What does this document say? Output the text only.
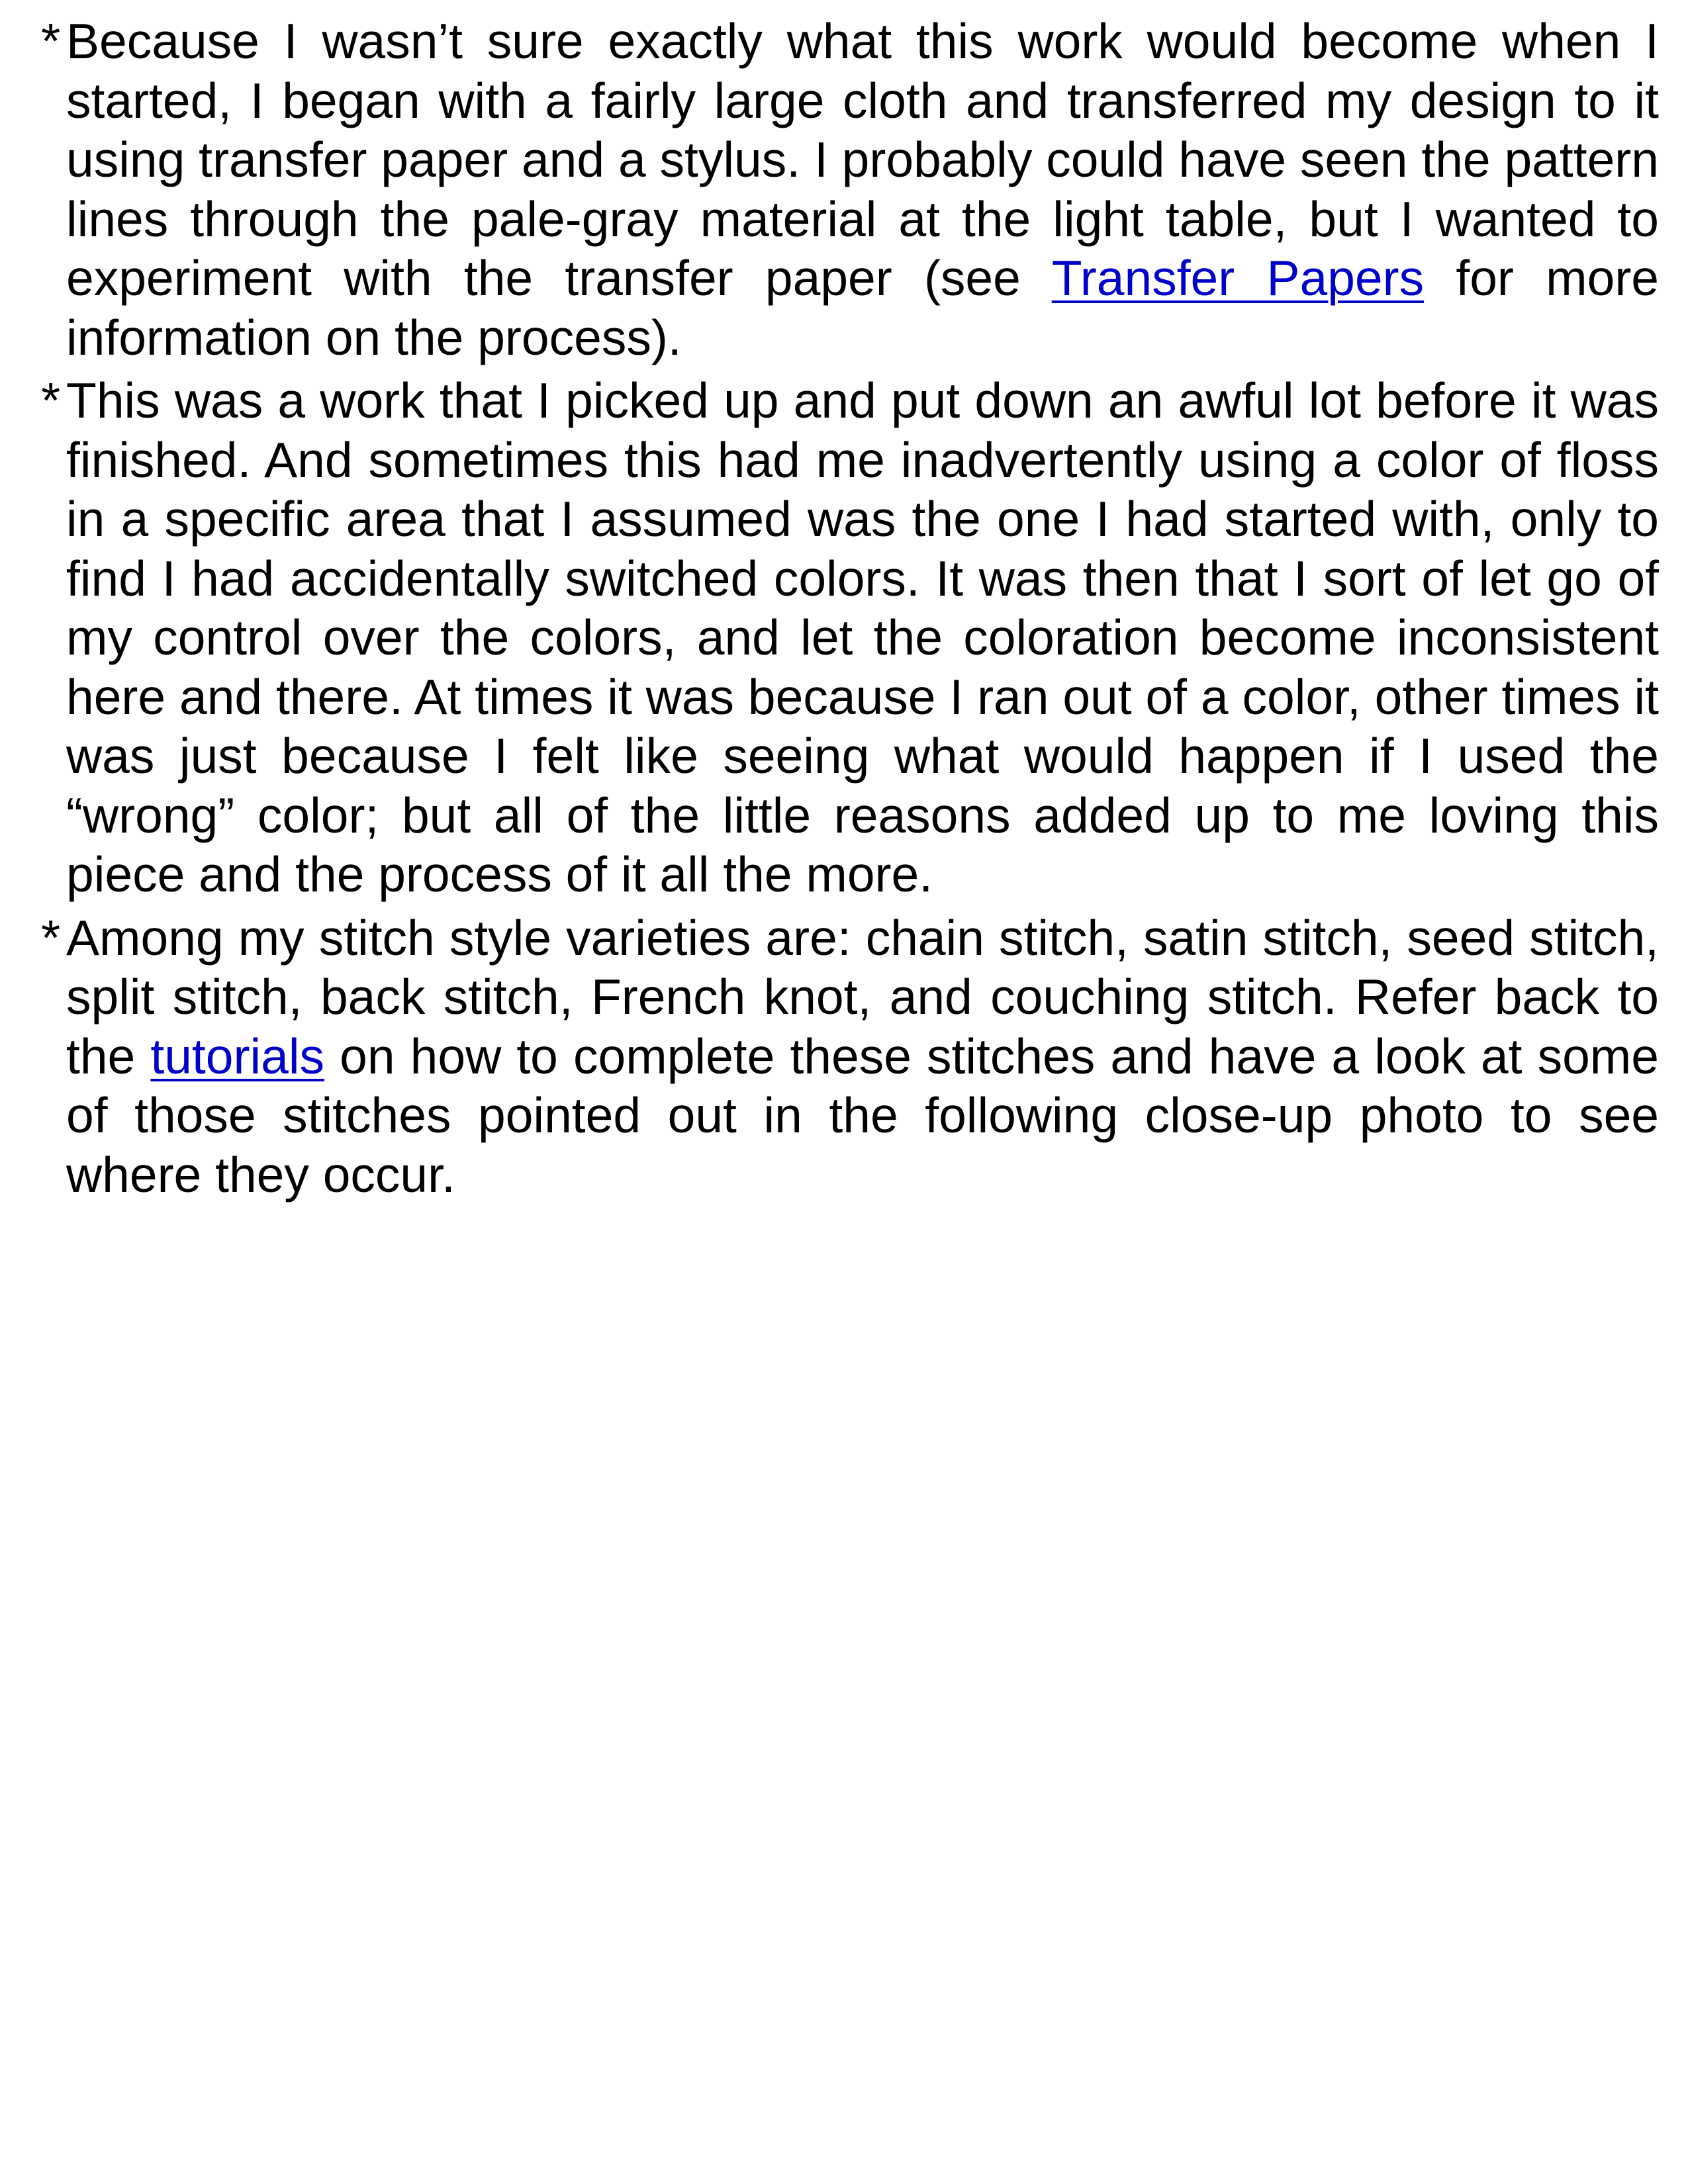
* Because I wasn’t sure exactly what this work would become when I started, I began with a fairly large cloth and transferred my design to it using transfer paper and a stylus. I probably could have seen the pattern lines through the pale-gray material at the light table, but I wanted to experiment with the transfer paper (see Transfer Papers for more information on the process).

* This was a work that I picked up and put down an awful lot before it was finished. And sometimes this had me inadvertently using a color of floss in a specific area that I assumed was the one I had started with, only to find I had accidentally switched colors. It was then that I sort of let go of my control over the colors, and let the coloration become inconsistent here and there. At times it was because I ran out of a color, other times it was just because I felt like seeing what would happen if I used the “wrong” color; but all of the little reasons added up to me loving this piece and the process of it all the more.

* Among my stitch style varieties are: chain stitch, satin stitch, seed stitch, split stitch, back stitch, French knot, and couching stitch. Refer back to the tutorials on how to complete these stitches and have a look at some of those stitches pointed out in the following close-up photo to see where they occur.
